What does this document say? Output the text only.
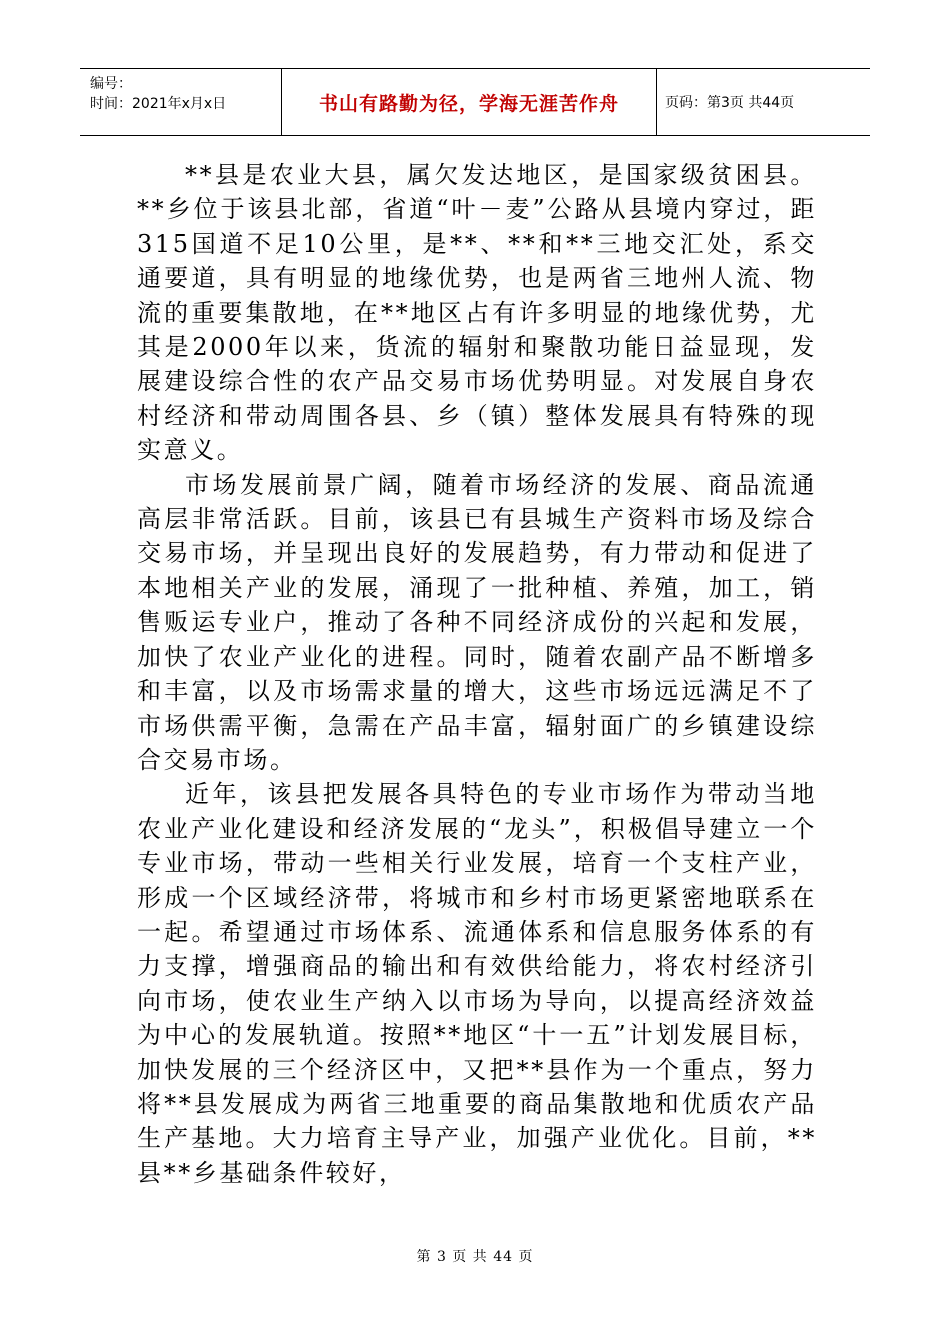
编号：
时间：2021年x月x日	书山有路勤为径，学海无涯苦作舟	页码：第3页 共44页

**县是农业大县，属欠发达地区，是国家级贫困县。**乡位于该县北部，省道“叶－麦”公路从县境内穿过，距315国道不足10公里，是**、**和**三地交汇处，系交通要道，具有明显的地缘优势，也是两省三地州人流、物流的重要集散地，在**地区占有许多明显的地缘优势，尤其是2000年以来，货流的辐射和聚散功能日益显现，发展建设综合性的农产品交易市场优势明显。对发展自身农村经济和带动周围各县、乡（镇）整体发展具有特殊的现实意义。

市场发展前景广阔，随着市场经济的发展、商品流通高层非常活跃。目前，该县已有县城生产资料市场及综合交易市场，并呈现出良好的发展趋势，有力带动和促进了本地相关产业的发展，涌现了一批种植、养殖，加工，销售贩运专业户，推动了各种不同经济成份的兴起和发展，加快了农业产业化的进程。同时，随着农副产品不断增多和丰富，以及市场需求量的增大，这些市场远远满足不了市场供需平衡，急需在产品丰富，辐射面广的乡镇建设综合交易市场。

近年，该县把发展各具特色的专业市场作为带动当地农业产业化建设和经济发展的“龙头”，积极倡导建立一个专业市场，带动一些相关行业发展，培育一个支柱产业，形成一个区域经济带，将城市和乡村市场更紧密地联系在一起。希望通过市场体系、流通体系和信息服务体系的有力支撑，增强商品的输出和有效供给能力，将农村经济引向市场，使农业生产纳入以市场为导向，以提高经济效益为中心的发展轨道。按照**地区“十一五”计划发展目标，加快发展的三个经济区中，又把**县作为一个重点，努力将**县发展成为两省三地重要的商品集散地和优质农产品生产基地。大力培育主导产业，加强产业优化。目前，**县**乡基础条件较好，

第 3 页 共 44 页
